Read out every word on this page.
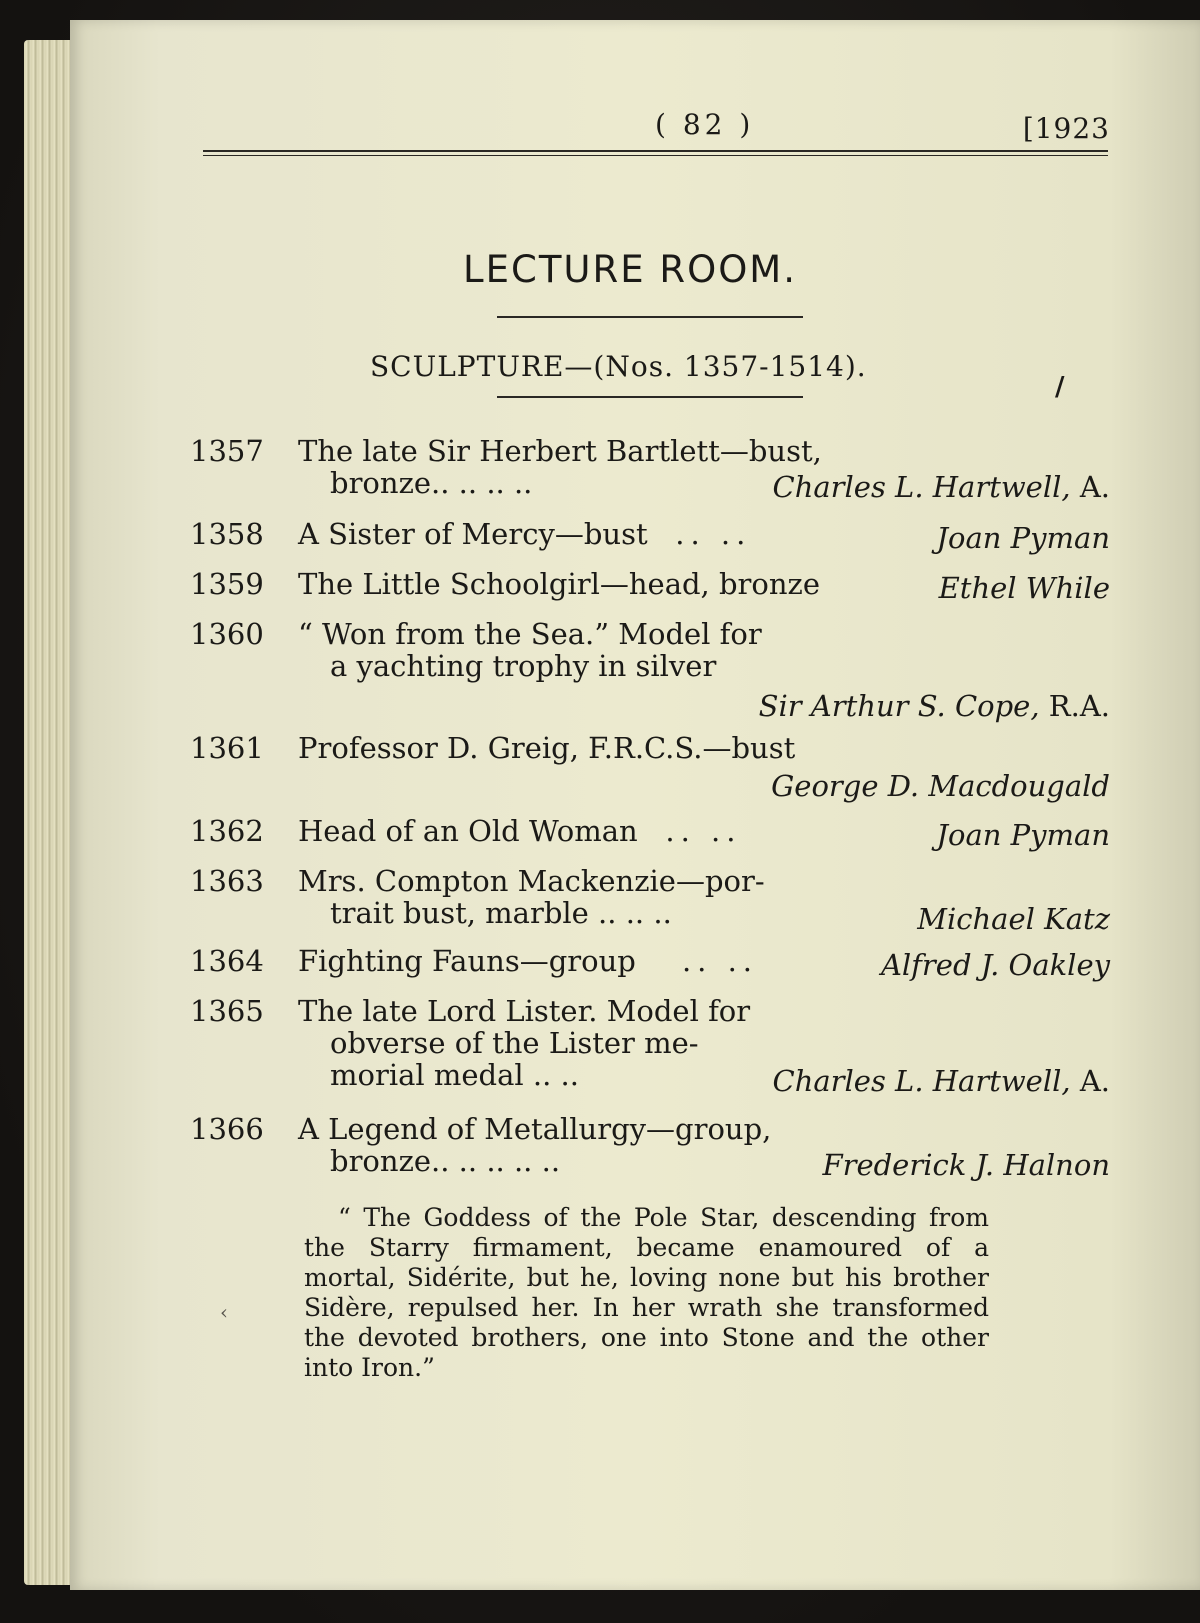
( 82 )	[1923
LECTURE ROOM.
SCULPTURE—(Nos. 1357-1514).
/
1357 The late Sir Herbert Bartlett—bust,
bronze.. .. .. ..	Charles L. Hartwell, A.
1358 A Sister of Mercy—bust .. ..	Joan Pyman
1359 The Little Schoolgirl—head, bronze	Ethel While
1360 “ Won from the Sea.” Model for
a yachting trophy in silver
Sir Arthur S. Cope, R.A.
1361 Professor D. Greig, F.R.C.S.—bust
George D. Macdougald
1362 Head of an Old Woman .. ..	Joan Pyman
1363 Mrs. Compton Mackenzie—por-
trait bust, marble .. .. ..	Michael Katz
1364 Fighting Fauns—group .. ..	Alfred J. Oakley
1365 The late Lord Lister. Model for
obverse of the Lister me-
morial medal .. ..	Charles L. Hartwell, A.
1366 A Legend of Metallurgy—group,
bronze.. .. .. .. ..	Frederick J. Halnon
“ The Goddess of the Pole Star, descending from the Starry firmament, became enamoured of a mortal, Sidérite, but he, loving none but his brother Sidère, repulsed her. In her wrath she transformed the devoted brothers, one into Stone and the other into Iron.”
‹
